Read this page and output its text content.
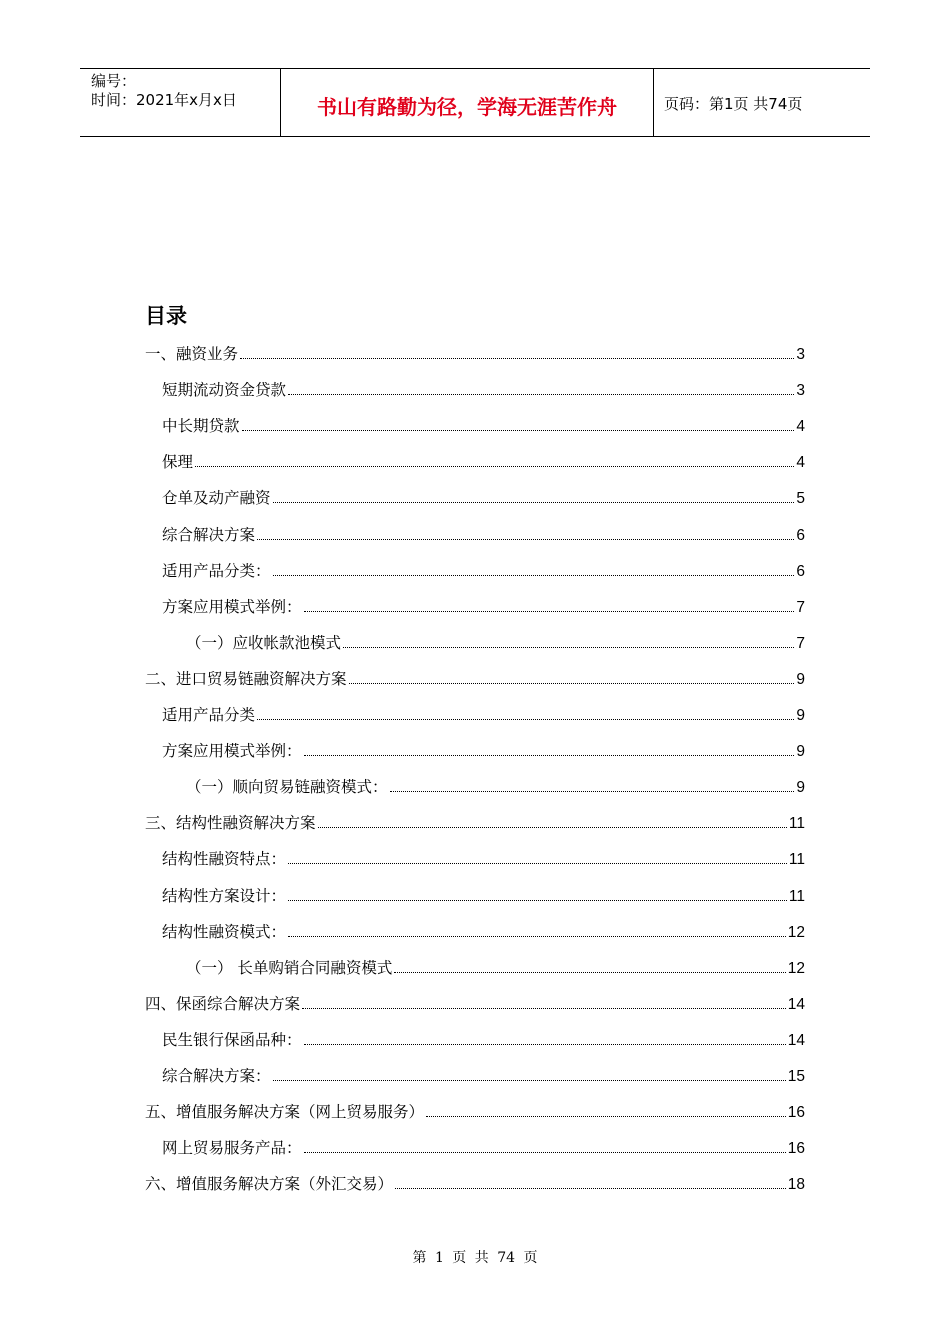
编号：
时间：2021年x月x日	书山有路勤为径，学海无涯苦作舟	页码：第1页 共74页
目录
一、融资业务	3
短期流动资金贷款	3
中长期贷款	4
保理	4
仓单及动产融资	5
综合解决方案	6
适用产品分类：	6
方案应用模式举例：	7
（一）应收帐款池模式	7
二、进口贸易链融资解决方案	9
适用产品分类	9
方案应用模式举例：	9
（一）顺向贸易链融资模式：	9
三、结构性融资解决方案	11
结构性融资特点：	11
结构性方案设计：	11
结构性融资模式：	12
（一） 长单购销合同融资模式	12
四、保函综合解决方案	14
民生银行保函品种：	14
综合解决方案：	15
五、增值服务解决方案（网上贸易服务）	16
网上贸易服务产品：	16
六、增值服务解决方案（外汇交易）	18
第 1 页 共 74 页
